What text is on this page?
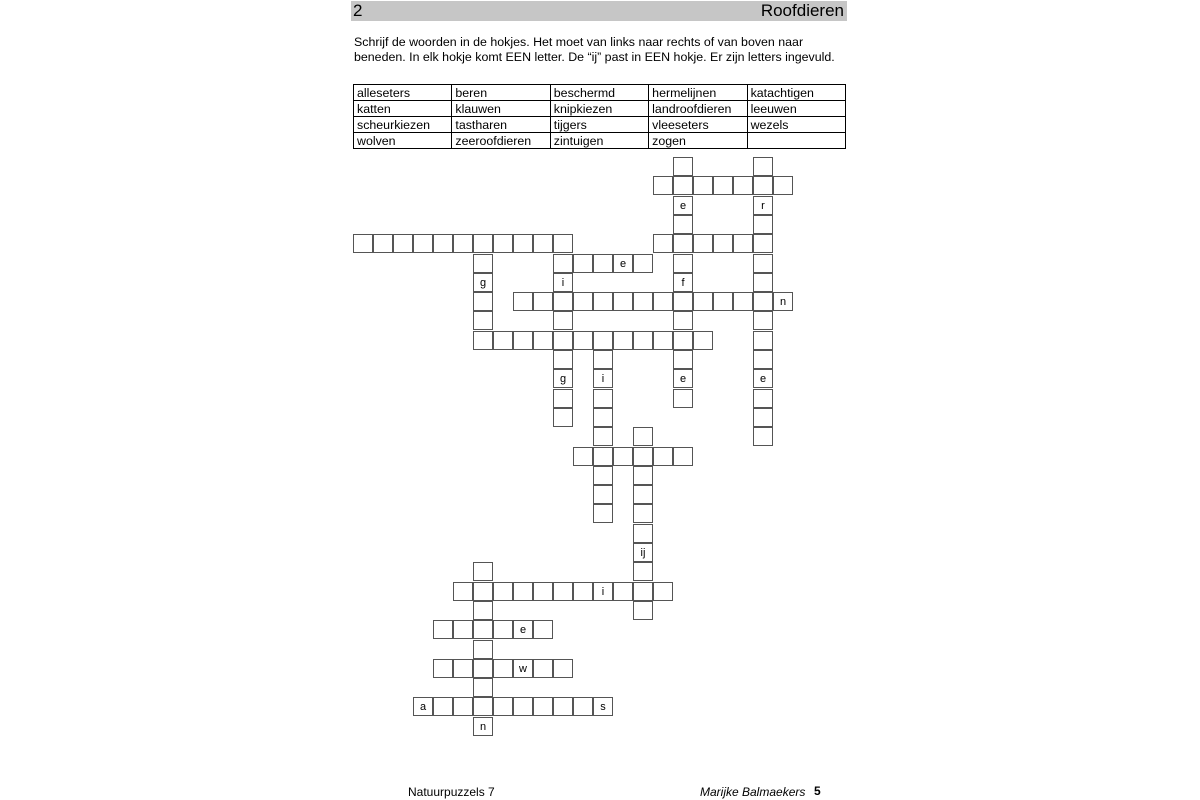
2	Roofdieren
Schrijf de woorden in de hokjes. Het moet van links naar rechts of van boven naar beneden. In elk hokje komt EEN letter. De “ij” past in EEN hokje. Er zijn letters ingevuld.
alleseters	beren	beschermd	hermelijnen	katachtigen
katten	klauwen	knipkiezen	landroofdieren	leeuwen
scheurkiezen	tastharen	tijgers	vleeseters	wezels
wolven	zeeroofdieren	zintuigen	zogen	
e
n
i
e
w
a	s
e
f
e
r
g	i
g	e
i
ij
n
Natuurpuzzels 7	Marijke Balmaekers 5
